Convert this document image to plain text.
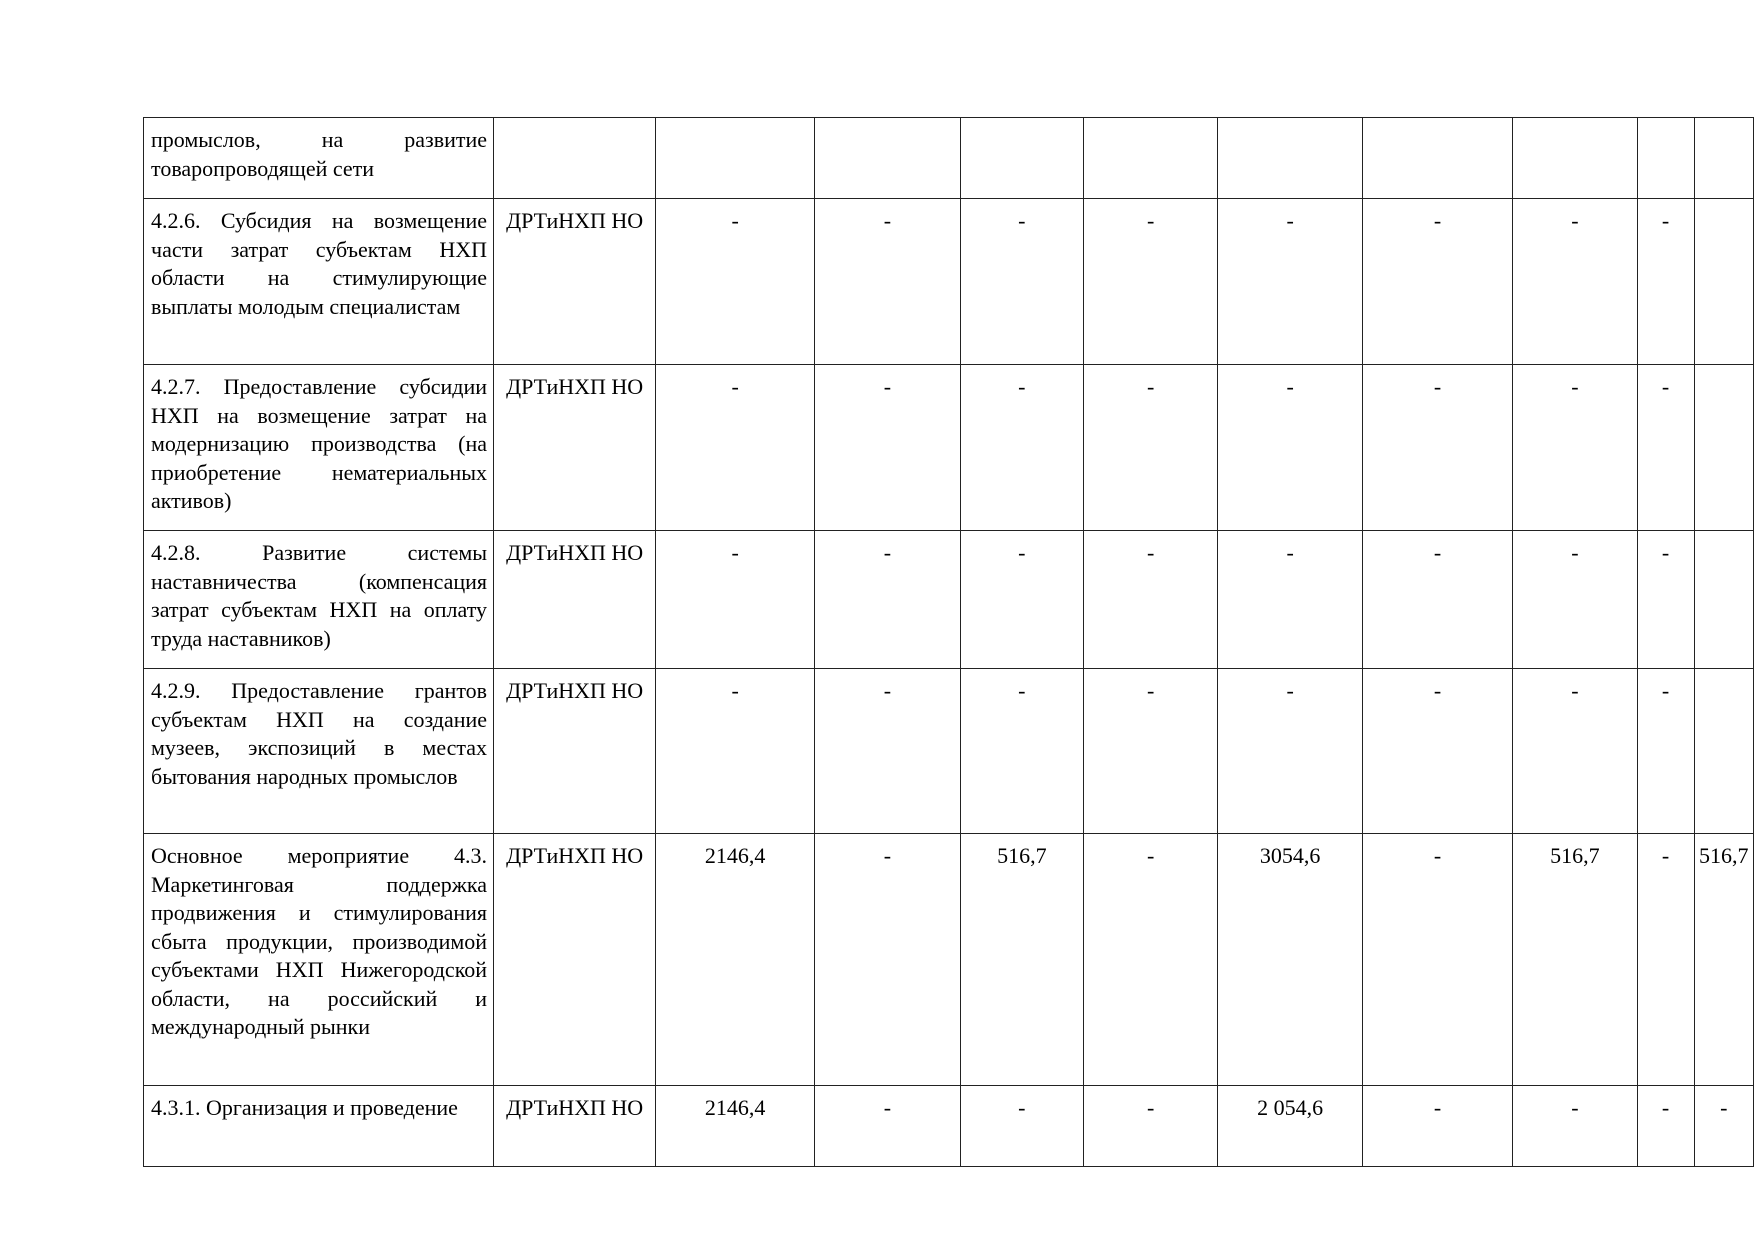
промыслов, на развитие товаропроводящей сети										
4.2.6. Субсидия на возмещение части затрат субъектам НХП области на стимулирующие выплаты молодым специалистам	ДРТиНХП НО	-	-	-	-	-	-	-	-	
4.2.7. Предоставление субсидии НХП на возмещение затрат на модернизацию производства (на приобретение нематериальных активов)	ДРТиНХП НО	-	-	-	-	-	-	-	-	
4.2.8. Развитие системы наставничества (компенсация затрат субъектам НХП на оплату труда наставников)	ДРТиНХП НО	-	-	-	-	-	-	-	-	
4.2.9. Предоставление грантов субъектам НХП на создание музеев, экспозиций в местах бытования народных промыслов	ДРТиНХП НО	-	-	-	-	-	-	-	-	
Основное мероприятие 4.3. Маркетинговая поддержка продвижения и стимулирования сбыта продукции, производимой субъектами НХП Нижегородской области, на российский и международный рынки	ДРТиНХП НО	2146,4	-	516,7	-	3054,6	-	516,7	-	516,7
4.3.1. Организация и проведение	ДРТиНХП НО	2146,4	-	-	-	2 054,6	-	-	-	-
